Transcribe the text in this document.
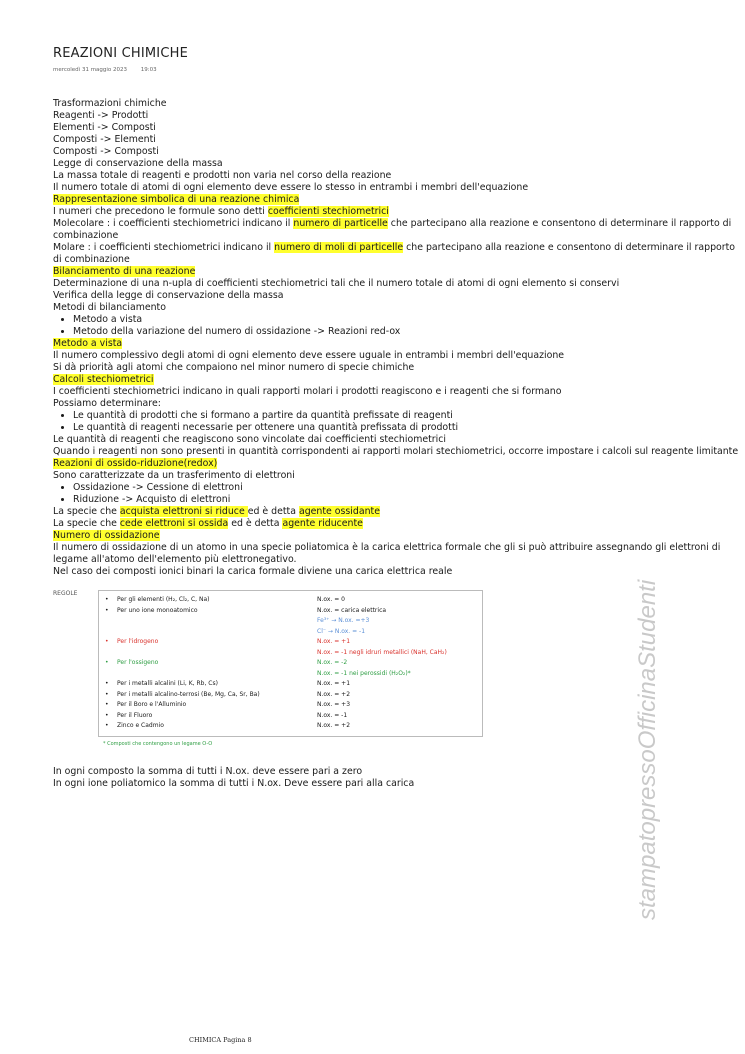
REAZIONI CHIMICHE
mercoledì 31 maggio 2023	19:03
Trasformazioni chimiche
Reagenti -> Prodotti
Elementi -> Composti
Composti -> Elementi
Composti -> Composti
Legge di conservazione della massa
La massa totale di reagenti e prodotti non varia nel corso della reazione
Il numero totale di atomi di ogni elemento deve essere lo stesso in entrambi i membri dell'equazione
Rappresentazione simbolica di una reazione chimica
I numeri che precedono le formule sono detti coefficienti stechiometrici
Molecolare : i coefficienti stechiometrici indicano il numero di particelle che partecipano alla reazione e consentono di determinare il rapporto di combinazione
Molare : i coefficienti stechiometrici indicano il numero di moli di particelle che partecipano alla reazione e consentono di determinare il rapporto di combinazione
Bilanciamento di una reazione
Determinazione di una n-upla di coefficienti stechiometrici tali che il numero totale di atomi di ogni elemento si conservi
Verifica della legge di conservazione della massa
Metodi di bilanciamento
• Metodo a vista
• Metodo della variazione del numero di ossidazione -> Reazioni red-ox
Metodo a vista
Il numero complessivo degli atomi di ogni elemento deve essere uguale in entrambi i membri dell'equazione
Si dà priorità agli atomi che compaiono nel minor numero di specie chimiche
Calcoli stechiometrici
I coefficienti stechiometrici indicano in quali rapporti molari i prodotti reagiscono e i reagenti che si formano
Possiamo determinare:
• Le quantità di prodotti che si formano a partire da quantità prefissate di reagenti
• Le quantità di reagenti necessarie per ottenere una quantità prefissata di prodotti
Le quantità di reagenti che reagiscono sono vincolate dai coefficienti stechiometrici
Quando i reagenti non sono presenti in quantità corrispondenti ai rapporti molari stechiometrici, occorre impostare i calcoli sul reagente limitante
Reazioni di ossido-riduzione(redox)
Sono caratterizzate da un trasferimento di elettroni
• Ossidazione -> Cessione di elettroni
• Riduzione -> Acquisto di elettroni
La specie che acquista elettroni si riduce ed è detta agente ossidante
La specie che cede elettroni si ossida ed è detta agente riducente
Numero di ossidazione
Il numero di ossidazione di un atomo in una specie poliatomica è la carica elettrica formale che gli si può attribuire assegnando gli elettroni di legame all'atomo dell'elemento più elettronegativo.
Nel caso dei composti ionici binari la carica formale diviene una carica elettrica reale
REGOLE
• Per gli elementi (H₂, Cl₂, C, Na)	N.ox. = 0
• Per uno ione monoatomico	N.ox. = carica elettrica
Fe³⁺ → N.ox. =+3
Cl⁻ → N.ox. = -1
• Per l'idrogeno	N.ox. = +1
N.ox. = -1 negli idruri metallici (NaH, CaH₂)
• Per l'ossigeno	N.ox. = -2
N.ox. = -1 nei perossidi (H₂O₂)*
• Per i metalli alcalini (Li, K, Rb, Cs)	N.ox. = +1
• Per i metalli alcalino-terrosi (Be, Mg, Ca, Sr, Ba)	N.ox. = +2
• Per il Boro e l'Alluminio	N.ox. = +3
• Per il Fluoro	N.ox. = -1
• Zinco e Cadmio	N.ox. = +2
* Composti che contengono un legame O-O
In ogni composto la somma di tutti i N.ox. deve essere pari a zero
In ogni ione poliatomico la somma di tutti i N.ox. Deve essere pari alla carica	stampatopressoOfficinaStudenti
CHIMICA Pagina 8
